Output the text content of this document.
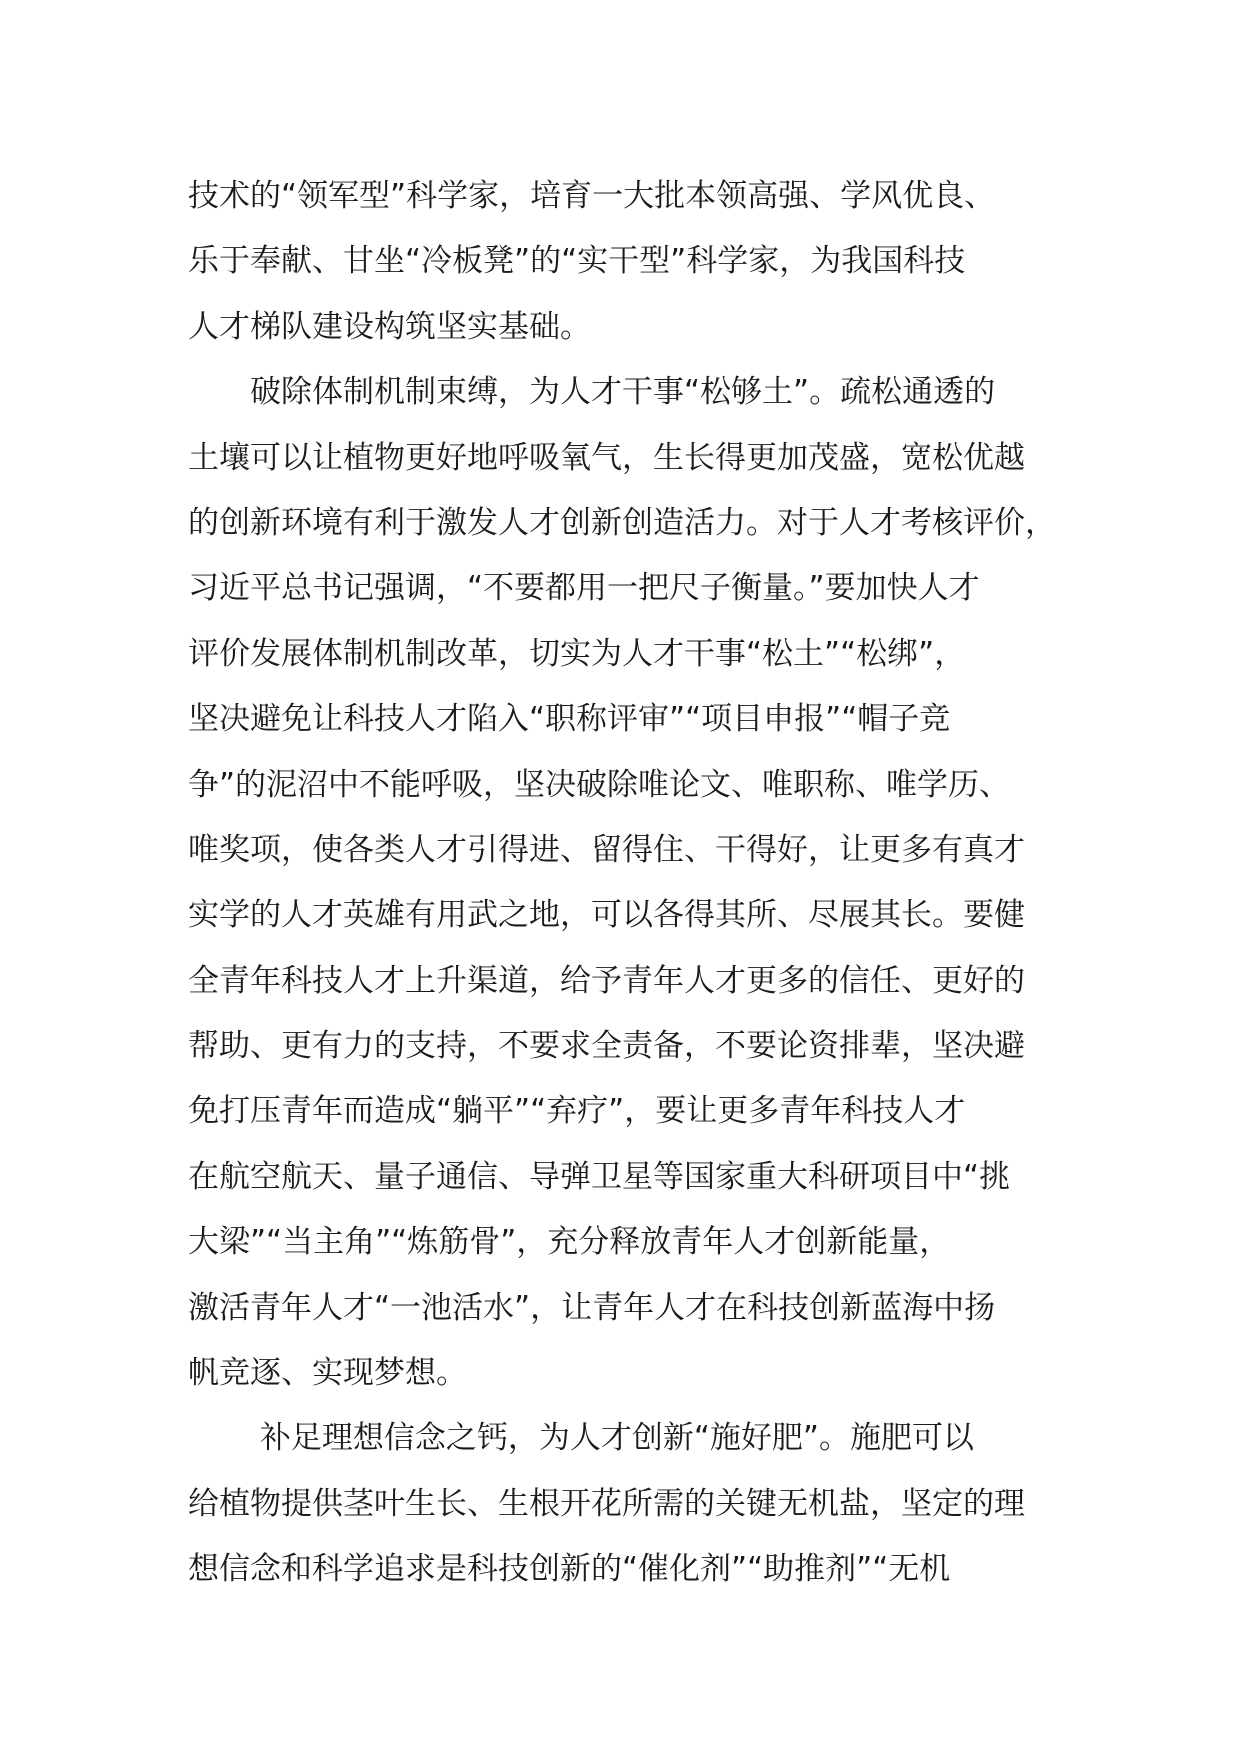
技术的“领军型”科学家，培育一大批本领高强、学风优良、
乐于奉献、甘坐“冷板凳”的“实干型”科学家，为我国科技
人才梯队建设构筑坚实基础。
　　破除体制机制束缚，为人才干事“松够土”。疏松通透的
土壤可以让植物更好地呼吸氧气，生长得更加茂盛，宽松优越
的创新环境有利于激发人才创新创造活力。对于人才考核评价，
习近平总书记强调，“不要都用一把尺子衡量。”要加快人才
评价发展体制机制改革，切实为人才干事“松土”“松绑”，
坚决避免让科技人才陷入“职称评审”“项目申报”“帽子竞
争”的泥沼中不能呼吸，坚决破除唯论文、唯职称、唯学历、
唯奖项，使各类人才引得进、留得住、干得好，让更多有真才
实学的人才英雄有用武之地，可以各得其所、尽展其长。要健
全青年科技人才上升渠道，给予青年人才更多的信任、更好的
帮助、更有力的支持，不要求全责备，不要论资排辈，坚决避
免打压青年而造成“躺平”“弃疗”，要让更多青年科技人才
在航空航天、量子通信、导弹卫星等国家重大科研项目中“挑
大梁”“当主角”“炼筋骨”，充分释放青年人才创新能量，
激活青年人才“一池活水”，让青年人才在科技创新蓝海中扬
帆竞逐、实现梦想。
　　 补足理想信念之钙，为人才创新“施好肥”。施肥可以
给植物提供茎叶生长、生根开花所需的关键无机盐，坚定的理
想信念和科学追求是科技创新的“催化剂”“助推剂”“无机
